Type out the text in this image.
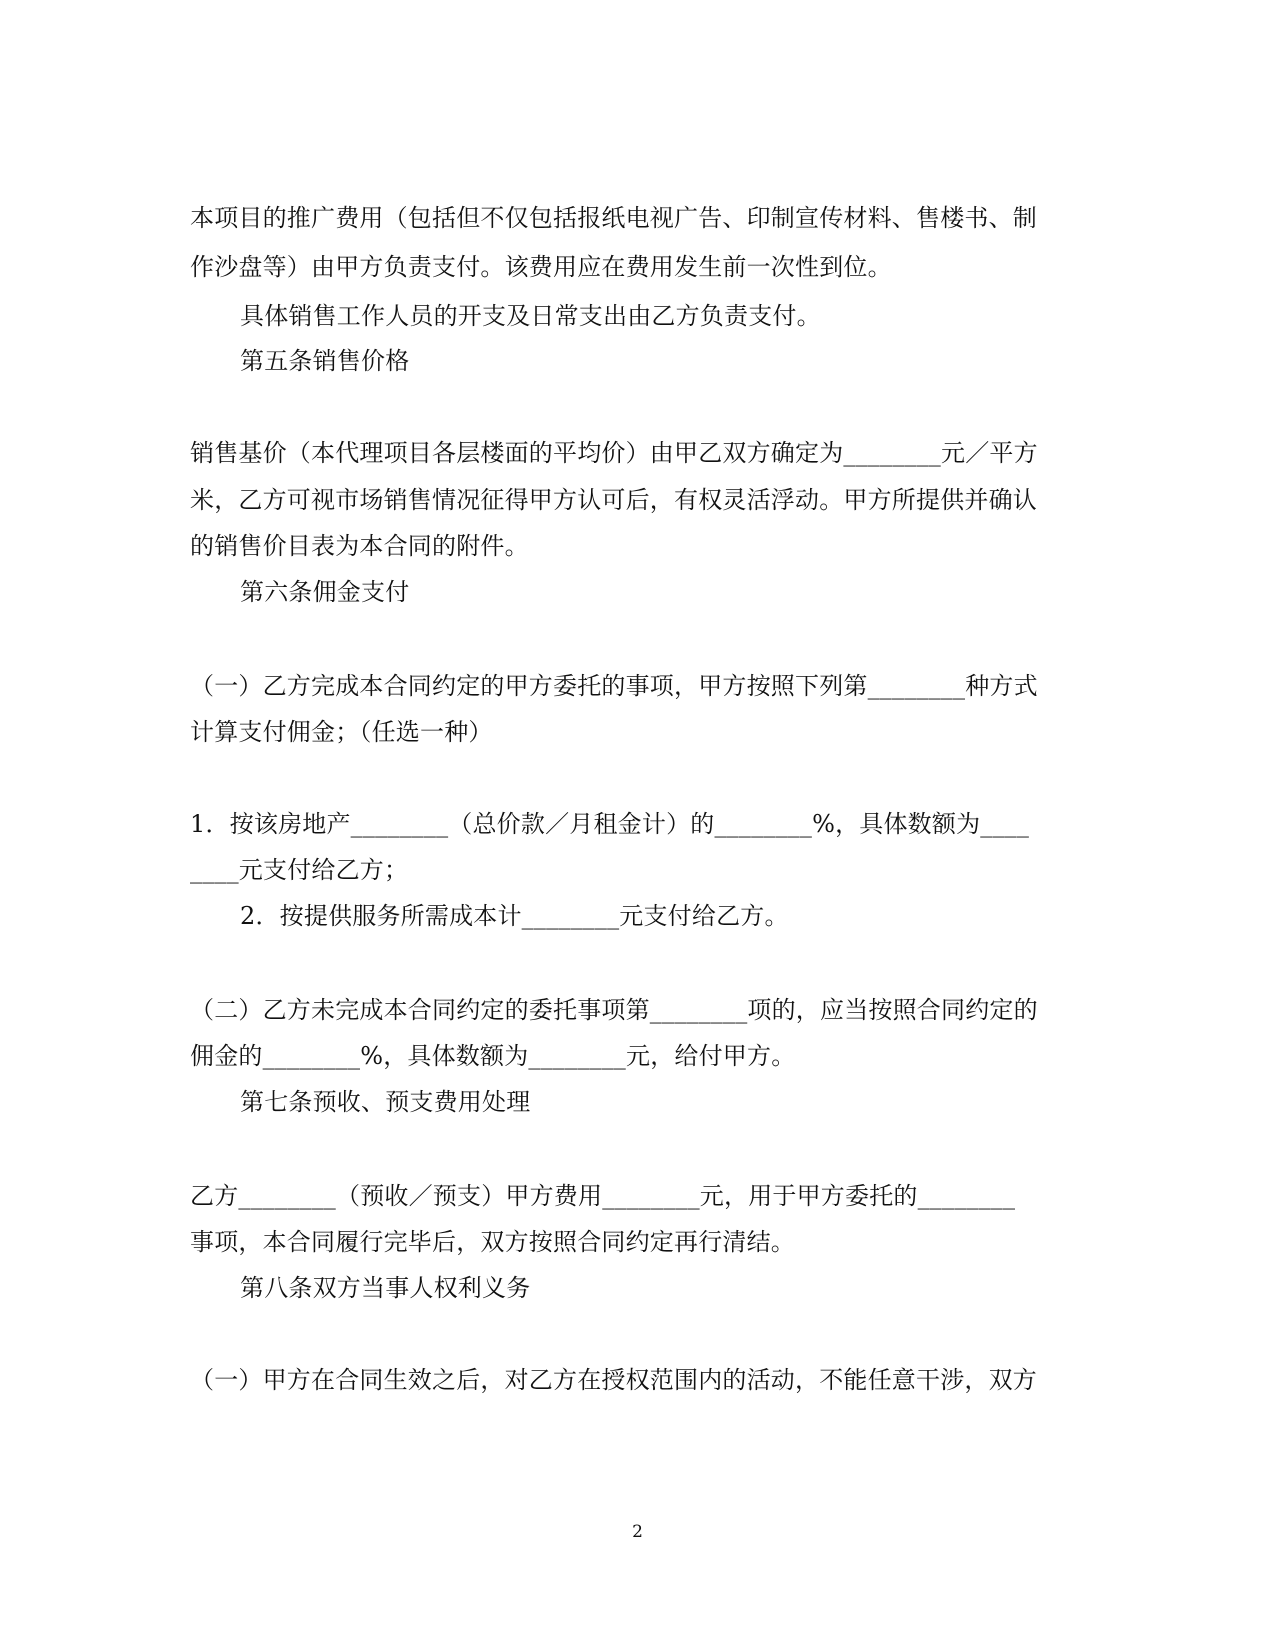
本项目的推广费用（包括但不仅包括报纸电视广告、印制宣传材料、售楼书、制
作沙盘等）由甲方负责支付。该费用应在费用发生前一次性到位。
具体销售工作人员的开支及日常支出由乙方负责支付。
第五条销售价格
销售基价（本代理项目各层楼面的平均价）由甲乙双方确定为________元／平方
米，乙方可视市场销售情况征得甲方认可后，有权灵活浮动。甲方所提供并确认
的销售价目表为本合同的附件。
第六条佣金支付
（一）乙方完成本合同约定的甲方委托的事项，甲方按照下列第________种方式
计算支付佣金；（任选一种）
1．按该房地产________（总价款／月租金计）的________%，具体数额为____
____元支付给乙方；
2．按提供服务所需成本计________元支付给乙方。
（二）乙方未完成本合同约定的委托事项第________项的，应当按照合同约定的
佣金的________%，具体数额为________元，给付甲方。
第七条预收、预支费用处理
乙方________（预收／预支）甲方费用________元，用于甲方委托的________
事项，本合同履行完毕后，双方按照合同约定再行清结。
第八条双方当事人权利义务
（一）甲方在合同生效之后，对乙方在授权范围内的活动，不能任意干涉，双方
2
